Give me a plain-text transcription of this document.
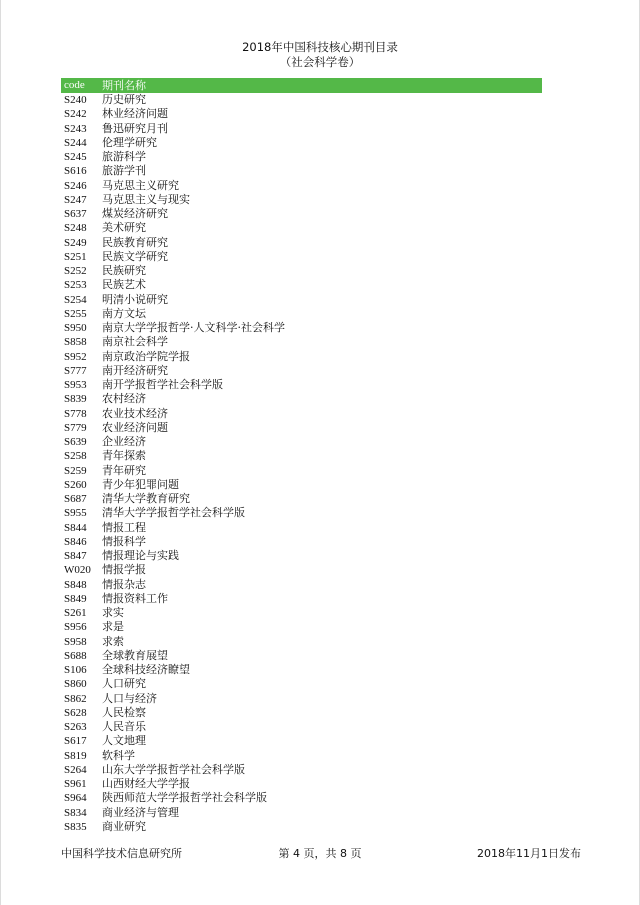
2018年中国科技核心期刊目录
（社会科学卷）
code 期刊名称
S240 历史研究
S242 林业经济问题
S243 鲁迅研究月刊
S244 伦理学研究
S245 旅游科学
S616 旅游学刊
S246 马克思主义研究
S247 马克思主义与现实
S637 煤炭经济研究
S248 美术研究
S249 民族教育研究
S251 民族文学研究
S252 民族研究
S253 民族艺术
S254 明清小说研究
S255 南方文坛
S950 南京大学学报哲学·人文科学·社会科学
S858 南京社会科学
S952 南京政治学院学报
S777 南开经济研究
S953 南开学报哲学社会科学版
S839 农村经济
S778 农业技术经济
S779 农业经济问题
S639 企业经济
S258 青年探索
S259 青年研究
S260 青少年犯罪问题
S687 清华大学教育研究
S955 清华大学学报哲学社会科学版
S844 情报工程
S846 情报科学
S847 情报理论与实践
W020 情报学报
S848 情报杂志
S849 情报资料工作
S261 求实
S956 求是
S958 求索
S688 全球教育展望
S106 全球科技经济瞭望
S860 人口研究
S862 人口与经济
S628 人民检察
S263 人民音乐
S617 人文地理
S819 软科学
S264 山东大学学报哲学社会科学版
S961 山西财经大学学报
S964 陕西师范大学学报哲学社会科学版
S834 商业经济与管理
S835 商业研究
中国科学技术信息研究所	第 4 页，共 8 页	2018年11月1日发布
